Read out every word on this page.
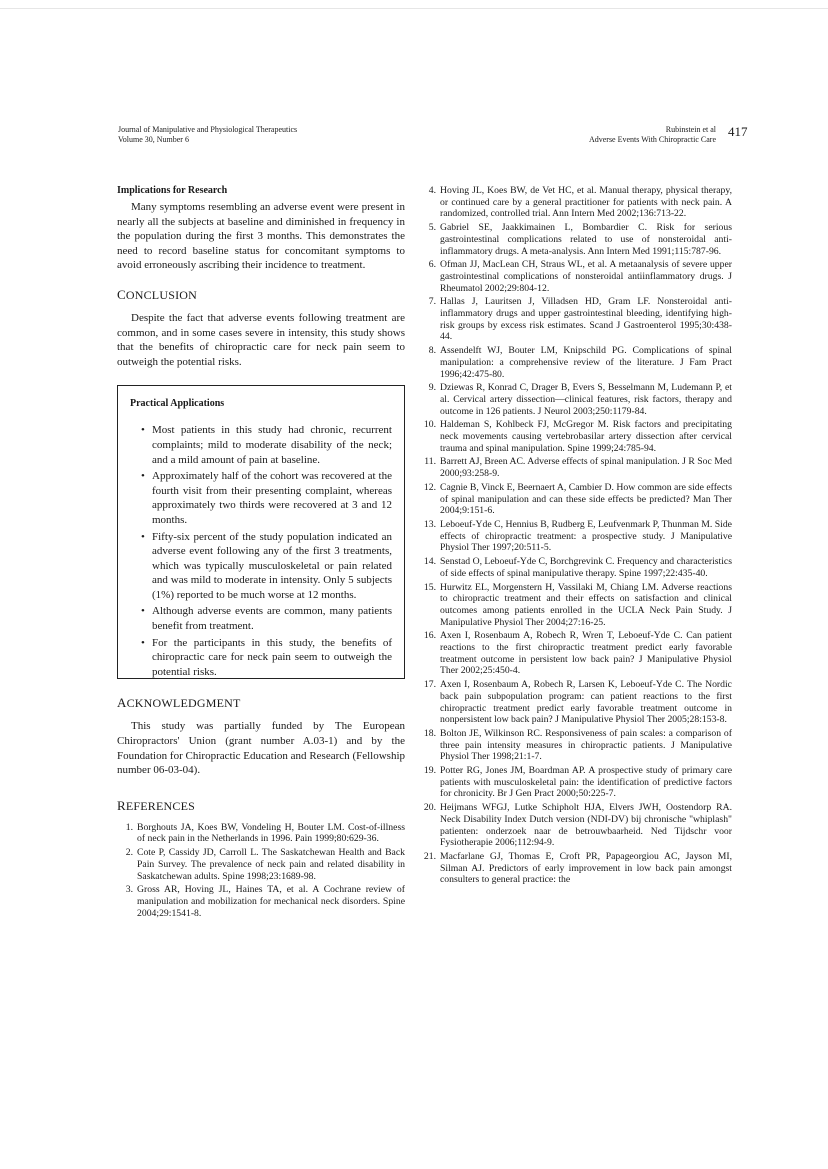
Journal of Manipulative and Physiological Therapeutics
Volume 30, Number 6
Rubinstein et al
Adverse Events With Chiropractic Care
417
Implications for Research

Many symptoms resembling an adverse event were present in nearly all the subjects at baseline and diminished in frequency in the population during the first 3 months. This demonstrates the need to record baseline status for concomitant symptoms to avoid erroneously ascribing their incidence to treatment.

CONCLUSION

Despite the fact that adverse events following treatment are common, and in some cases severe in intensity, this study shows that the benefits of chiropractic care for neck pain seem to outweigh the potential risks.

Practical Applications
• Most patients in this study had chronic, recurrent complaints; mild to moderate disability of the neck; and a mild amount of pain at baseline.
• Approximately half of the cohort was recovered at the fourth visit from their presenting complaint, whereas approximately two thirds were recovered at 3 and 12 months.
• Fifty-six percent of the study population indicated an adverse event following any of the first 3 treatments, which was typically musculoskeletal or pain related and was mild to moderate in intensity. Only 5 subjects (1%) reported to be much worse at 12 months.
• Although adverse events are common, many patients benefit from treatment.
• For the participants in this study, the benefits of chiropractic care for neck pain seem to outweigh the potential risks.
ACKNOWLEDGMENT

This study was partially funded by The European Chiropractors' Union (grant number A.03-1) and by the Foundation for Chiropractic Education and Research (Fellowship number 06-03-04).

REFERENCES
1. Borghouts JA, Koes BW, Vondeling H, Bouter LM. Cost-of-illness of neck pain in the Netherlands in 1996. Pain 1999;80:629-36.
2. Cote P, Cassidy JD, Carroll L. The Saskatchewan Health and Back Pain Survey. The prevalence of neck pain and related disability in Saskatchewan adults. Spine 1998;23:1689-98.
3. Gross AR, Hoving JL, Haines TA, et al. A Cochrane review of manipulation and mobilization for mechanical neck disorders. Spine 2004;29:1541-8.
4. Hoving JL, Koes BW, de Vet HC, et al. Manual therapy, physical therapy, or continued care by a general practitioner for patients with neck pain. A randomized, controlled trial. Ann Intern Med 2002;136:713-22.
5. Gabriel SE, Jaakkimainen L, Bombardier C. Risk for serious gastrointestinal complications related to use of nonsteroidal anti-inflammatory drugs. A meta-analysis. Ann Intern Med 1991;115:787-96.
6. Ofman JJ, MacLean CH, Straus WL, et al. A metaanalysis of severe upper gastrointestinal complications of nonsteroidal antiinflammatory drugs. J Rheumatol 2002;29:804-12.
7. Hallas J, Lauritsen J, Villadsen HD, Gram LF. Nonsteroidal anti-inflammatory drugs and upper gastrointestinal bleeding, identifying high-risk groups by excess risk estimates. Scand J Gastroenterol 1995;30:438-44.
8. Assendelft WJ, Bouter LM, Knipschild PG. Complications of spinal manipulation: a comprehensive review of the literature. J Fam Pract 1996;42:475-80.
9. Dziewas R, Konrad C, Drager B, Evers S, Besselmann M, Ludemann P, et al. Cervical artery dissection—clinical features, risk factors, therapy and outcome in 126 patients. J Neurol 2003;250:1179-84.
10. Haldeman S, Kohlbeck FJ, McGregor M. Risk factors and precipitating neck movements causing vertebrobasilar artery dissection after cervical trauma and spinal manipulation. Spine 1999;24:785-94.
11. Barrett AJ, Breen AC. Adverse effects of spinal manipulation. J R Soc Med 2000;93:258-9.
12. Cagnie B, Vinck E, Beernaert A, Cambier D. How common are side effects of spinal manipulation and can these side effects be predicted? Man Ther 2004;9:151-6.
13. Leboeuf-Yde C, Hennius B, Rudberg E, Leufvenmark P, Thunman M. Side effects of chiropractic treatment: a prospective study. J Manipulative Physiol Ther 1997;20:511-5.
14. Senstad O, Leboeuf-Yde C, Borchgrevink C. Frequency and characteristics of side effects of spinal manipulative therapy. Spine 1997;22:435-40.
15. Hurwitz EL, Morgenstern H, Vassilaki M, Chiang LM. Adverse reactions to chiropractic treatment and their effects on satisfaction and clinical outcomes among patients enrolled in the UCLA Neck Pain Study. J Manipulative Physiol Ther 2004;27:16-25.
16. Axen I, Rosenbaum A, Robech R, Wren T, Leboeuf-Yde C. Can patient reactions to the first chiropractic treatment predict early favorable treatment outcome in persistent low back pain? J Manipulative Physiol Ther 2002;25:450-4.
17. Axen I, Rosenbaum A, Robech R, Larsen K, Leboeuf-Yde C. The Nordic back pain subpopulation program: can patient reactions to the first chiropractic treatment predict early favorable treatment outcome in nonpersistent low back pain? J Manipulative Physiol Ther 2005;28:153-8.
18. Bolton JE, Wilkinson RC. Responsiveness of pain scales: a comparison of three pain intensity measures in chiropractic patients. J Manipulative Physiol Ther 1998;21:1-7.
19. Potter RG, Jones JM, Boardman AP. A prospective study of primary care patients with musculoskeletal pain: the identification of predictive factors for chronicity. Br J Gen Pract 2000;50:225-7.
20. Heijmans WFGJ, Lutke Schipholt HJA, Elvers JWH, Oostendorp RA. Neck Disability Index Dutch version (NDI-DV) bij chronische "whiplash" patienten: onderzoek naar de betrouwbaarheid. Ned Tijdschr voor Fysiotherapie 2006;112:94-9.
21. Macfarlane GJ, Thomas E, Croft PR, Papageorgiou AC, Jayson MI, Silman AJ. Predictors of early improvement in low back pain amongst consulters to general practice: the
